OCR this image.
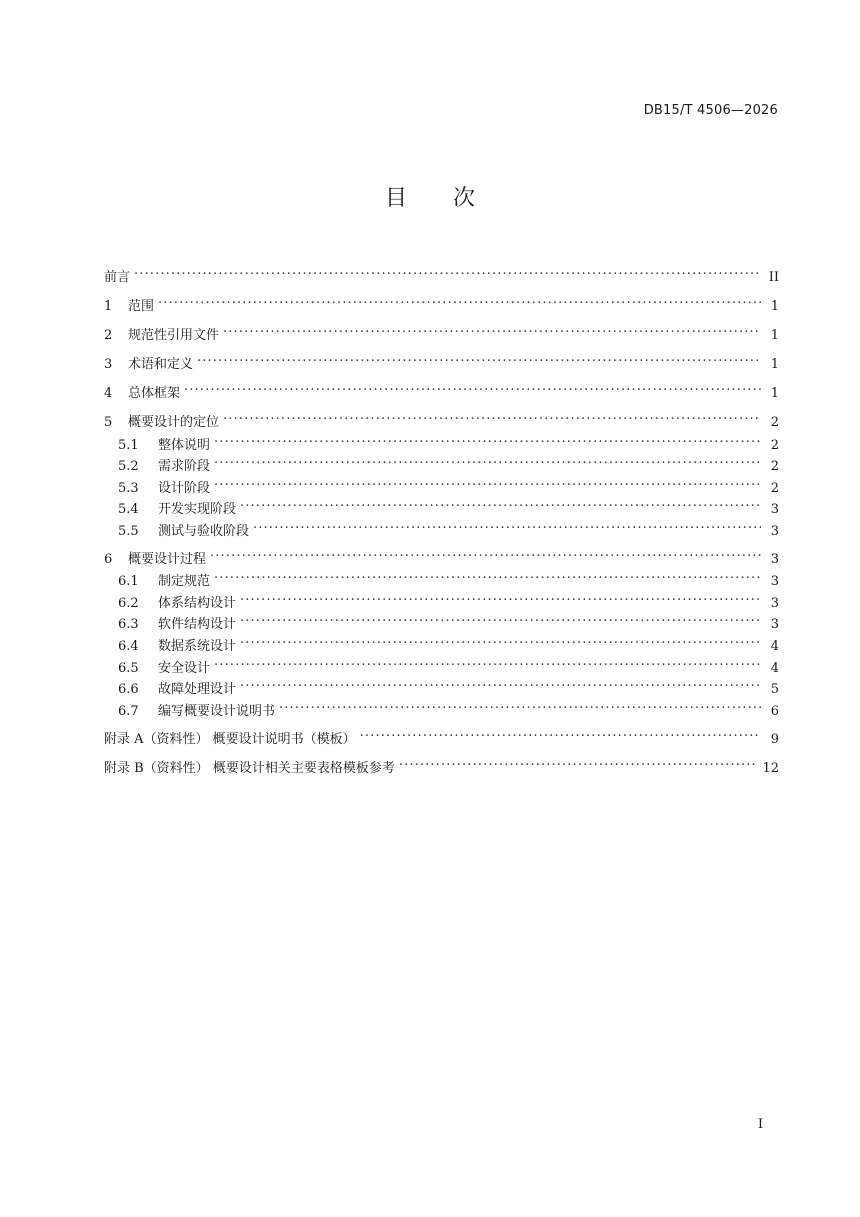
DB15/T 4506—2026
目 次
前言 . . .	II
1	范围 . . .	1
2	规范性引用文件 . . .	1
3	术语和定义 . . .	1
4	总体框架 . . .	1
5	概要设计的定位 . . .	2
5.1	整体说明 . . .	2
5.2	需求阶段 . . .	2
5.3	设计阶段 . . .	2
5.4	开发实现阶段 . . .	3
5.5	测试与验收阶段 . . .	3
6	概要设计过程 . . .	3
6.1	制定规范 . . .	3
6.2	体系结构设计 . . .	3
6.3	软件结构设计 . . .	3
6.4	数据系统设计 . . .	4
6.5	安全设计 . . .	4
6.6	故障处理设计 . . .	5
6.7	编写概要设计说明书 . . .	6
附录 A（资料性） 概要设计说明书（模板） . . .	9
附录 B（资料性） 概要设计相关主要表格模板参考 . . .	12
I
